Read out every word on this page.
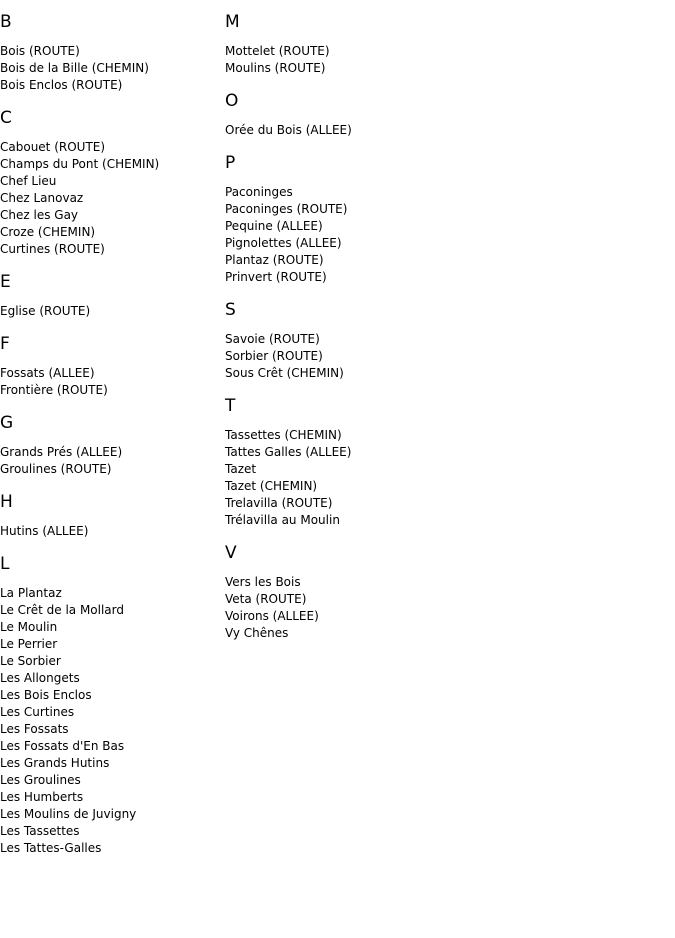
B
Bois (ROUTE)
Bois de la Bille (CHEMIN)
Bois Enclos (ROUTE)
C
Cabouet (ROUTE)
Champs du Pont (CHEMIN)
Chef Lieu
Chez Lanovaz
Chez les Gay
Croze (CHEMIN)
Curtines (ROUTE)
E
Eglise (ROUTE)
F
Fossats (ALLEE)
Frontière (ROUTE)
G
Grands Prés (ALLEE)
Groulines (ROUTE)
H
Hutins (ALLEE)
L
La Plantaz
Le Crêt de la Mollard
Le Moulin
Le Perrier
Le Sorbier
Les Allongets
Les Bois Enclos
Les Curtines
Les Fossats
Les Fossats d'En Bas
Les Grands Hutins
Les Groulines
Les Humberts
Les Moulins de Juvigny
Les Tassettes
Les Tattes-Galles
M
Mottelet (ROUTE)
Moulins (ROUTE)
O
Orée du Bois (ALLEE)
P
Paconinges
Paconinges (ROUTE)
Pequine (ALLEE)
Pignolettes (ALLEE)
Plantaz (ROUTE)
Prinvert (ROUTE)
S
Savoie (ROUTE)
Sorbier (ROUTE)
Sous Crêt (CHEMIN)
T
Tassettes (CHEMIN)
Tattes Galles (ALLEE)
Tazet
Tazet (CHEMIN)
Trelavilla (ROUTE)
Trélavilla au Moulin
V
Vers les Bois
Veta (ROUTE)
Voirons (ALLEE)
Vy Chênes
